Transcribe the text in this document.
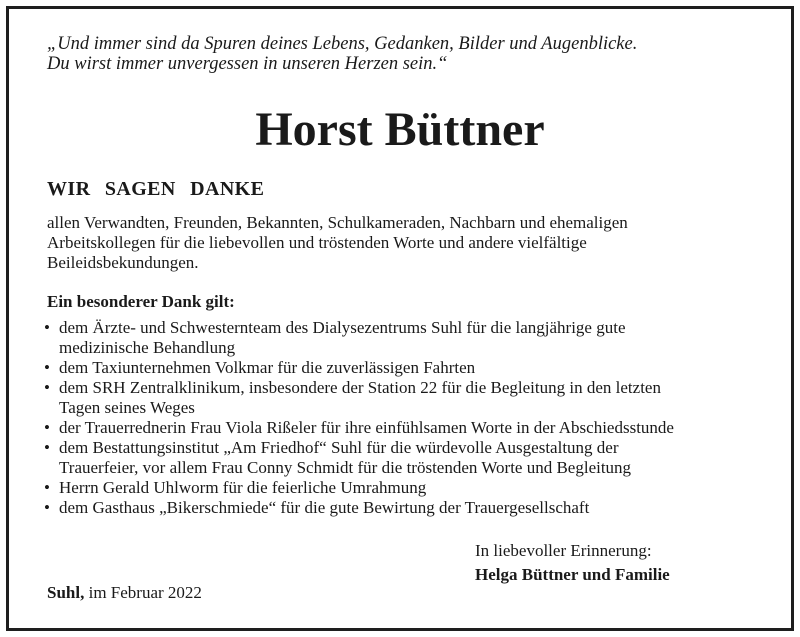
„Und immer sind da Spuren deines Lebens, Gedanken, Bilder und Augenblicke.
Du wirst immer unvergessen in unseren Herzen sein.“

Horst Büttner
WIR SAGEN DANKE

allen Verwandten, Freunden, Bekannten, Schulkameraden, Nachbarn und ehemaligen
Arbeitskollegen für die liebevollen und tröstenden Worte und andere vielfältige
Beileidsbekundungen.

Ein besonderer Dank gilt:

• dem Ärzte- und Schwesternteam des Dialysezentrums Suhl für die langjährige gute
medizinische Behandlung
• dem Taxiunternehmen Volkmar für die zuverlässigen Fahrten
• dem SRH Zentralklinikum, insbesondere der Station 22 für die Begleitung in den letzten
Tagen seines Weges
• der Trauerrednerin Frau Viola Rißeler für ihre einfühlsamen Worte in der Abschiedsstunde
• dem Bestattungsinstitut „Am Friedhof“ Suhl für die würdevolle Ausgestaltung der
Trauerfeier, vor allem Frau Conny Schmidt für die tröstenden Worte und Begleitung
• Herrn Gerald Uhlworm für die feierliche Umrahmung
• dem Gasthaus „Bikerschmiede“ für die gute Bewirtung der Trauergesellschaft

In liebevoller Erinnerung:

Helga Büttner und Familie

Suhl, im Februar 2022
